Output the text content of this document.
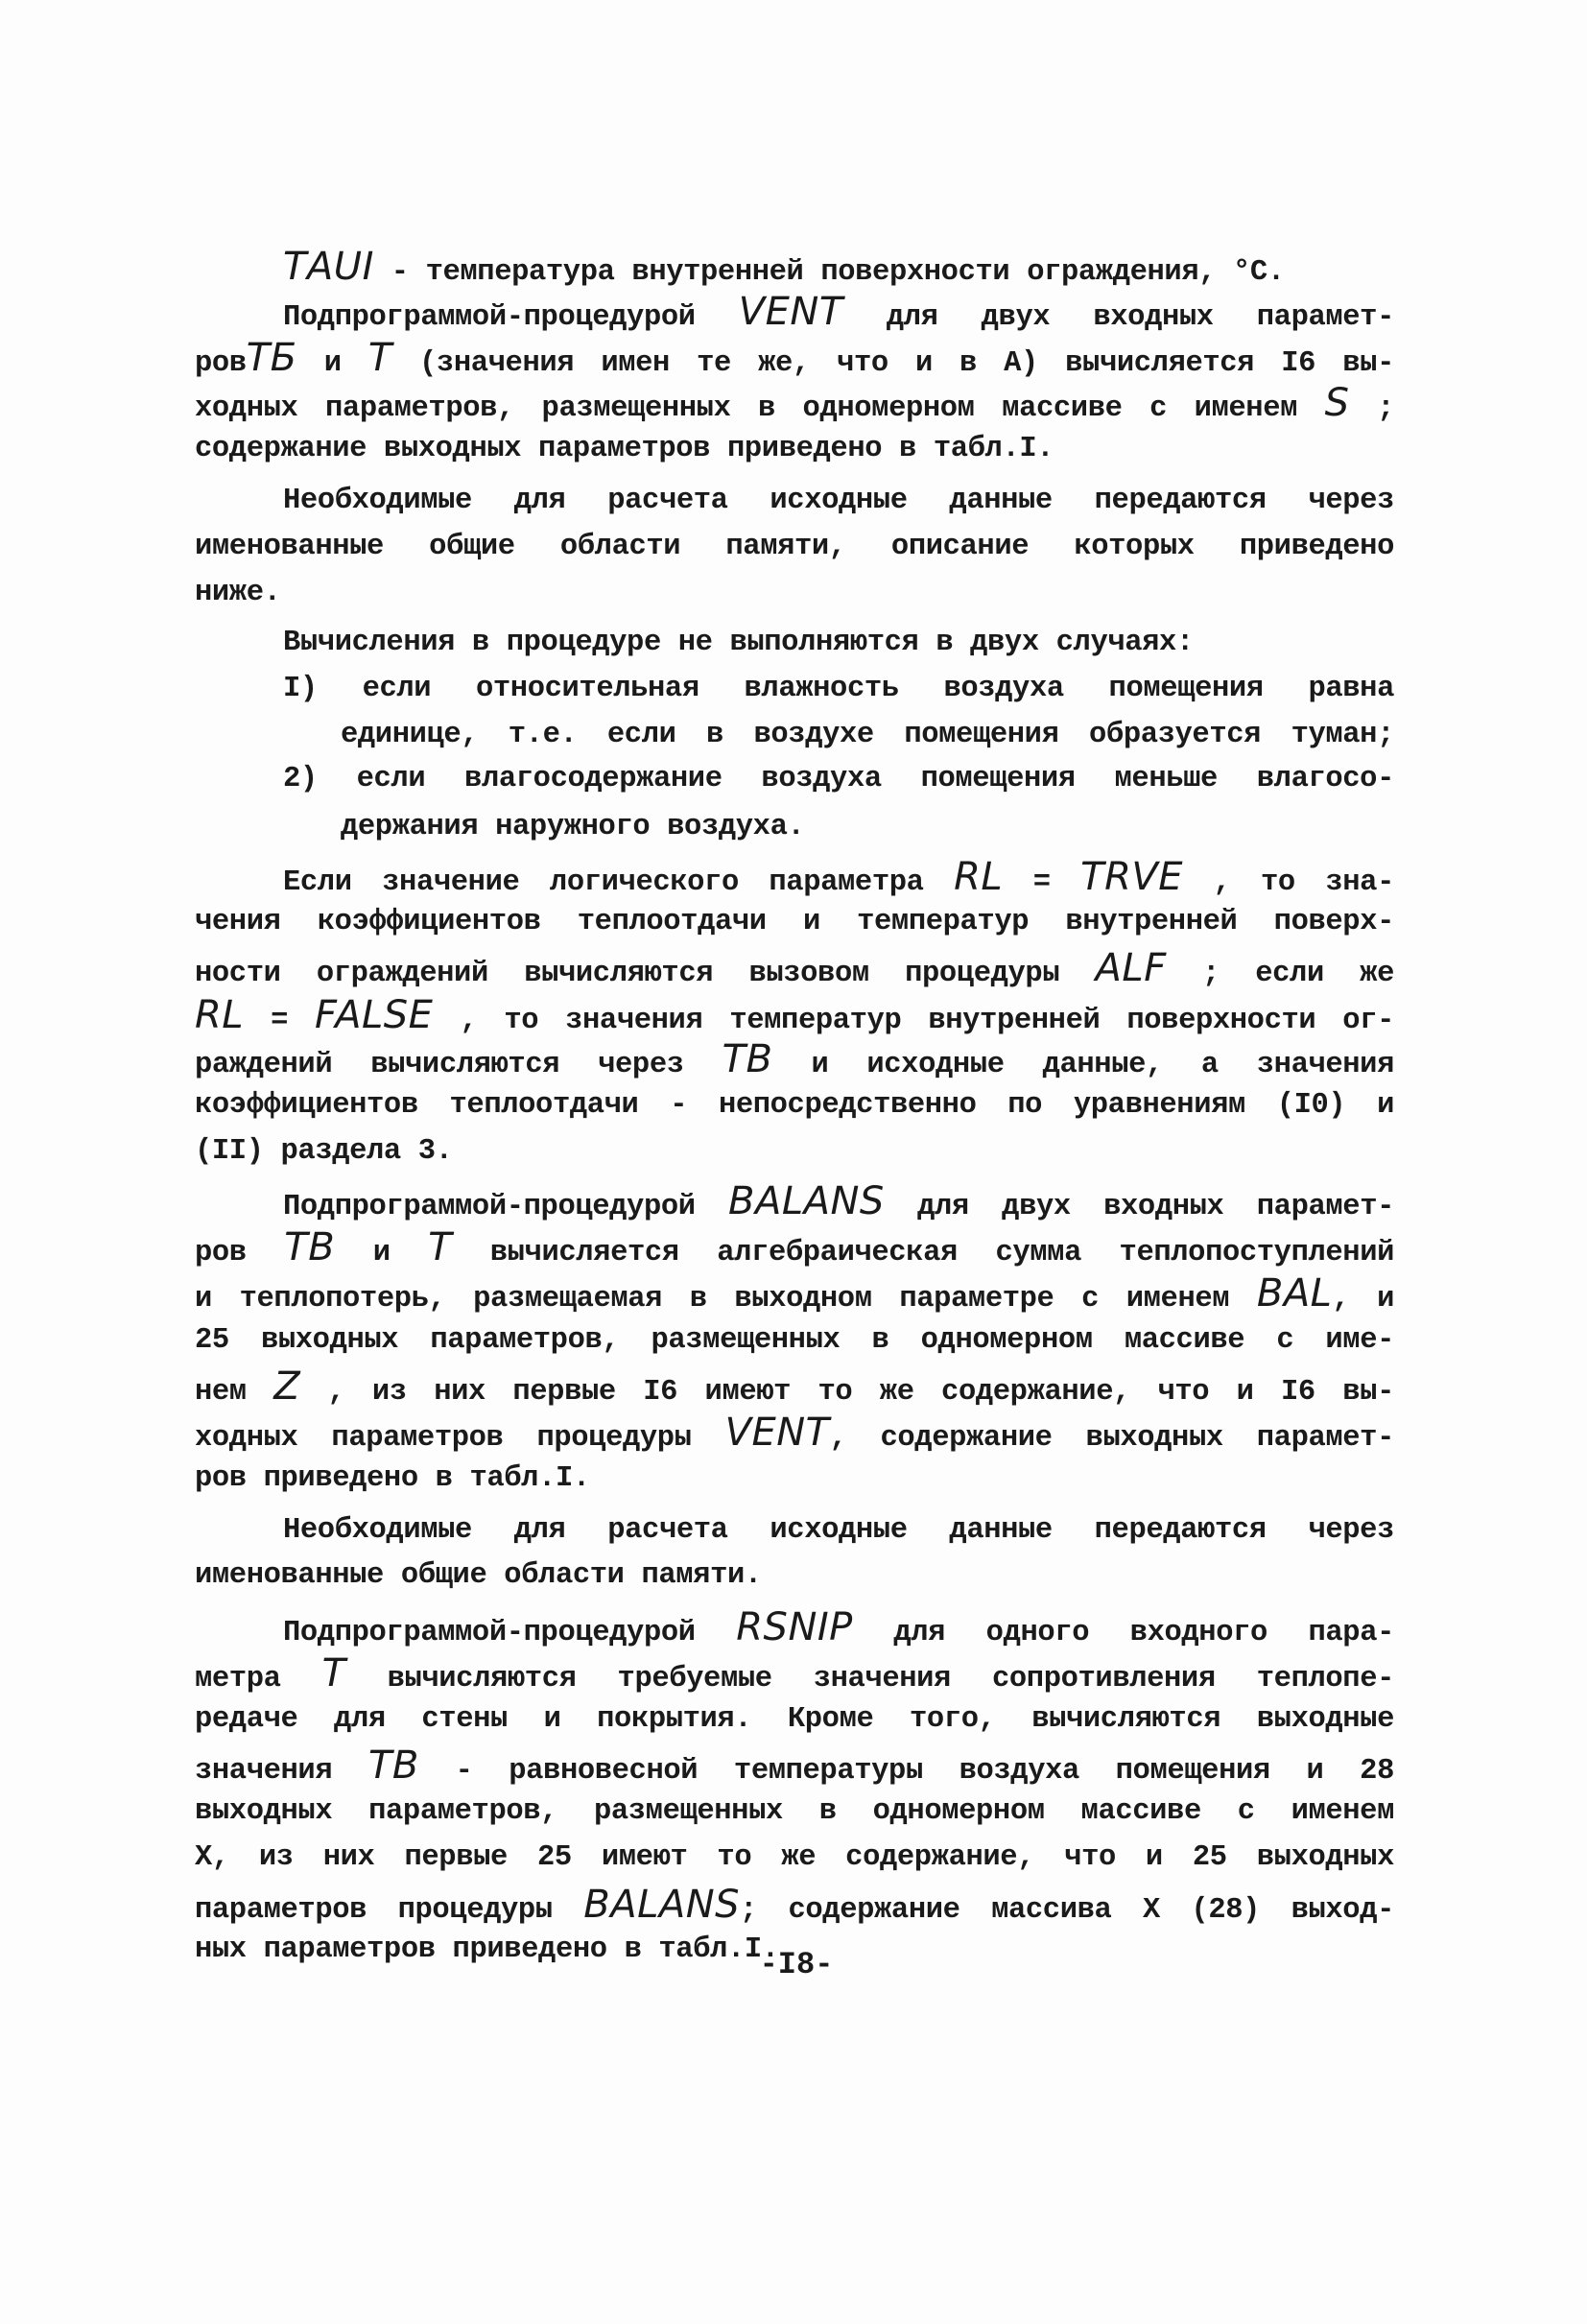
ТАUΙ - температура внутренней поверхности ограждения, °С.
Подпрограммой-процедурой VENT для двух входных парамет-
ровТБ и Т (значения имен те же, что и в А) вычисляется I6 вы-
ходных параметров, размещенных в одномерном массиве с именем S ;
содержание выходных параметров приведено в табл.I.
Необходимые для расчета исходные данные передаются через
именованные общие области памяти, описание которых приведено
ниже.
Вычисления в процедуре не выполняются в двух случаях:
I) если относительная влажность воздуха помещения равна
единице, т.е. если в воздухе помещения образуется туман;
2) если влагосодержание воздуха помещения меньше влагосо-
держания наружного воздуха.
Если значение логического параметра RL = TRVE , то зна-
чения коэффициентов теплоотдачи и температур внутренней поверх-
ности ограждений вычисляются вызовом процедуры ALF ; если же
RL = FALSE , то значения температур внутренней поверхности ог-
раждений вычисляются через ТВ и исходные данные, а значения
коэффициентов теплоотдачи - непосредственно по уравнениям (I0) и
(II) раздела 3.
Подпрограммой-процедурой BALANS для двух входных парамет-
ров ТВ и Т вычисляется алгебраическая сумма теплопоступлений
и теплопотерь, размещаемая в выходном параметре с именем BAL, и
25 выходных параметров, размещенных в одномерном массиве с име-
нем Z , из них первые I6 имеют то же содержание, что и I6 вы-
ходных параметров процедуры VENT, содержание выходных парамет-
ров приведено в табл.I.
Необходимые для расчета исходные данные передаются через
именованные общие области памяти.
Подпрограммой-процедурой RSNIP для одного входного пара-
метра Т вычисляются требуемые значения сопротивления теплопе-
редаче для стены и покрытия. Кроме того, вычисляются выходные
значения ТВ - равновесной температуры воздуха помещения и 28
выходных параметров, размещенных в одномерном массиве с именем
X, из них первые 25 имеют то же содержание, что и 25 выходных
параметров процедуры BALANS; содержание массива X (28) выход-
ных параметров приведено в табл.I.
-I8-
